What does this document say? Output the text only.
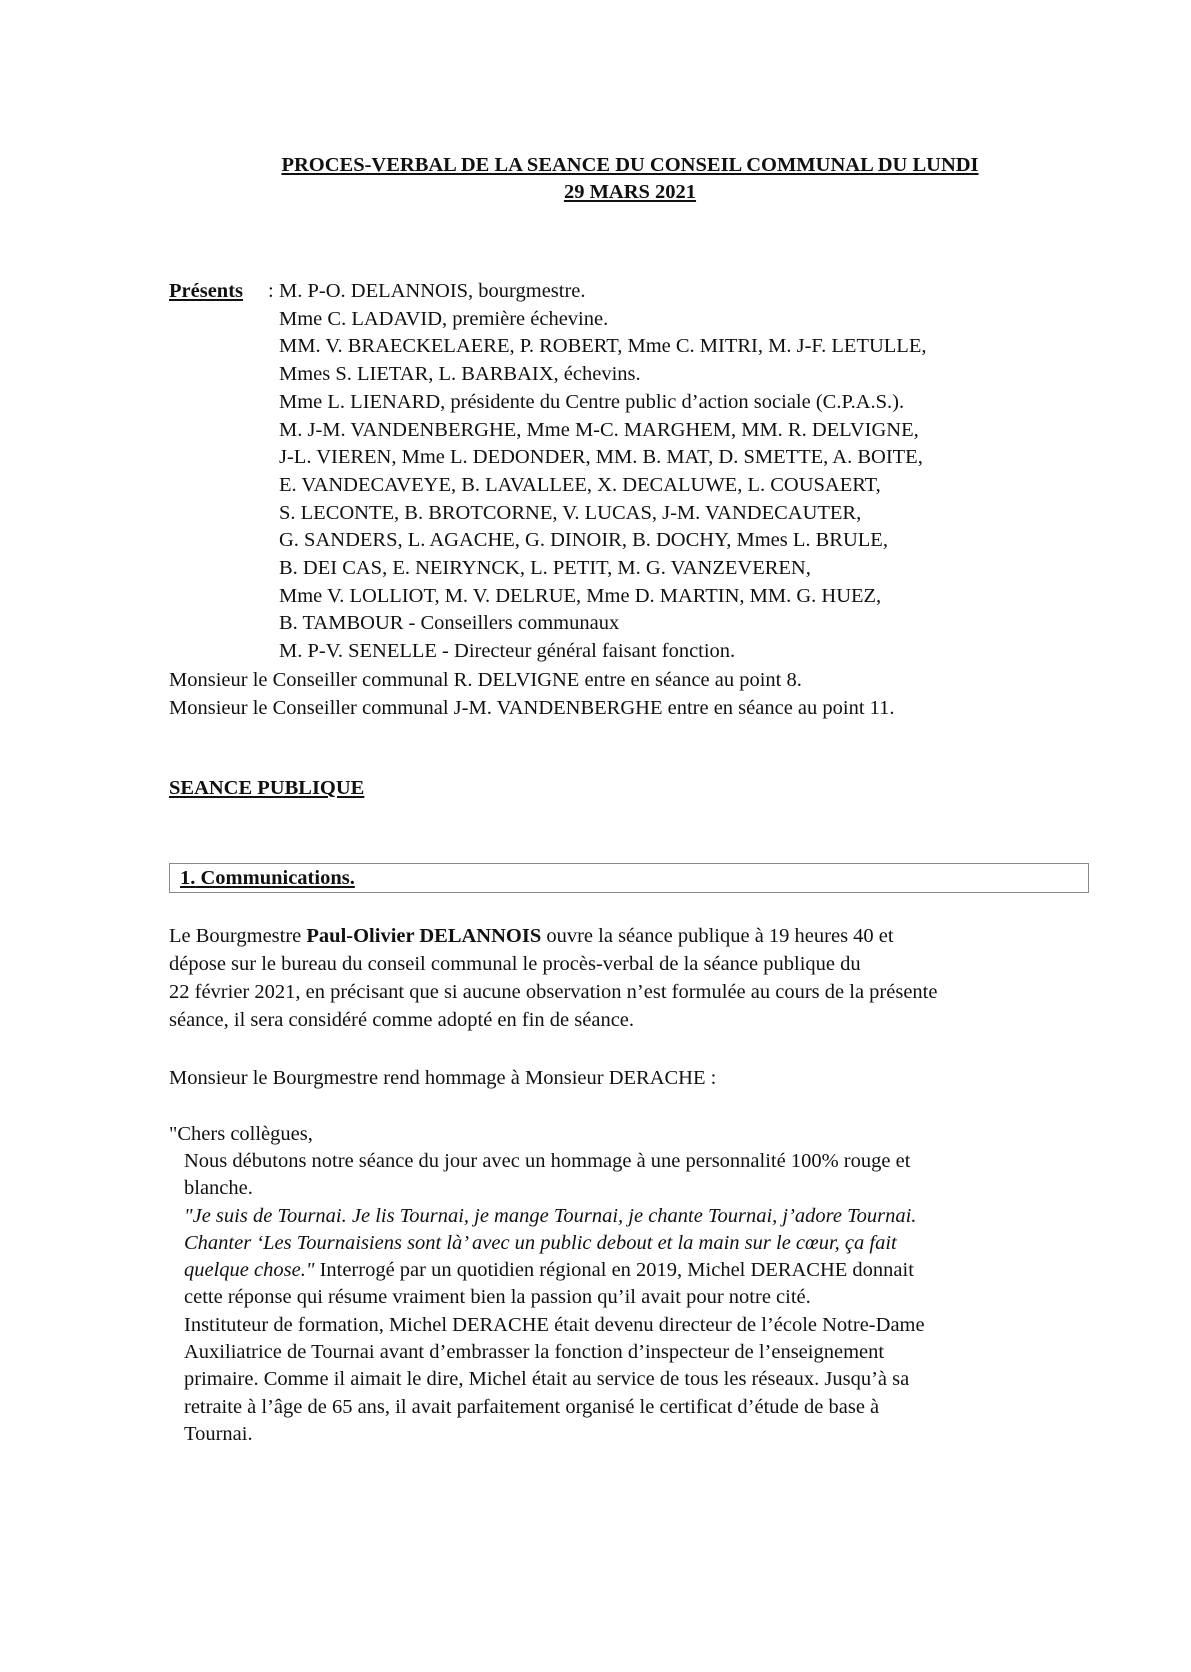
PROCES-VERBAL DE LA SEANCE DU CONSEIL COMMUNAL DU LUNDI
29 MARS 2021
Présents : M. P-O. DELANNOIS, bourgmestre.
Mme C. LADAVID, première échevine.
MM. V. BRAECKELAERE, P. ROBERT, Mme C. MITRI, M. J-F. LETULLE,
Mmes S. LIETAR, L. BARBAIX, échevins.
Mme L. LIENARD, présidente du Centre public d’action sociale (C.P.A.S.).
M. J-M. VANDENBERGHE, Mme M-C. MARGHEM, MM. R. DELVIGNE,
J-L. VIEREN, Mme L. DEDONDER, MM. B. MAT, D. SMETTE, A. BOITE,
E. VANDECAVEYE, B. LAVALLEE, X. DECALUWE, L. COUSAERT,
S. LECONTE, B. BROTCORNE, V. LUCAS, J-M. VANDECAUTER,
G. SANDERS, L. AGACHE, G. DINOIR, B. DOCHY, Mmes L. BRULE,
B. DEI CAS, E. NEIRYNCK, L. PETIT, M. G. VANZEVEREN,
Mme V. LOLLIOT, M. V. DELRUE, Mme D. MARTIN, MM. G. HUEZ,
B. TAMBOUR - Conseillers communaux
M. P-V. SENELLE - Directeur général faisant fonction.
Monsieur le Conseiller communal R. DELVIGNE entre en séance au point 8.
Monsieur le Conseiller communal J-M. VANDENBERGHE entre en séance au point 11.
SEANCE PUBLIQUE
1. Communications.

Le Bourgmestre Paul-Olivier DELANNOIS ouvre la séance publique à 19 heures 40 et
dépose sur le bureau du conseil communal le procès-verbal de la séance publique du
22 février 2021, en précisant que si aucune observation n’est formulée au cours de la présente
séance, il sera considéré comme adopté en fin de séance.

Monsieur le Bourgmestre rend hommage à Monsieur DERACHE :
"Chers collègues,
Nous débutons notre séance du jour avec un hommage à une personnalité 100% rouge et
blanche.
"Je suis de Tournai. Je lis Tournai, je mange Tournai, je chante Tournai, j’adore Tournai.
Chanter ‘Les Tournaisiens sont là’ avec un public debout et la main sur le cœur, ça fait
quelque chose." Interrogé par un quotidien régional en 2019, Michel DERACHE donnait
cette réponse qui résume vraiment bien la passion qu’il avait pour notre cité.
Instituteur de formation, Michel DERACHE était devenu directeur de l’école Notre-Dame
Auxiliatrice de Tournai avant d’embrasser la fonction d’inspecteur de l’enseignement
primaire. Comme il aimait le dire, Michel était au service de tous les réseaux. Jusqu’à sa
retraite à l’âge de 65 ans, il avait parfaitement organisé le certificat d’étude de base à
Tournai.
